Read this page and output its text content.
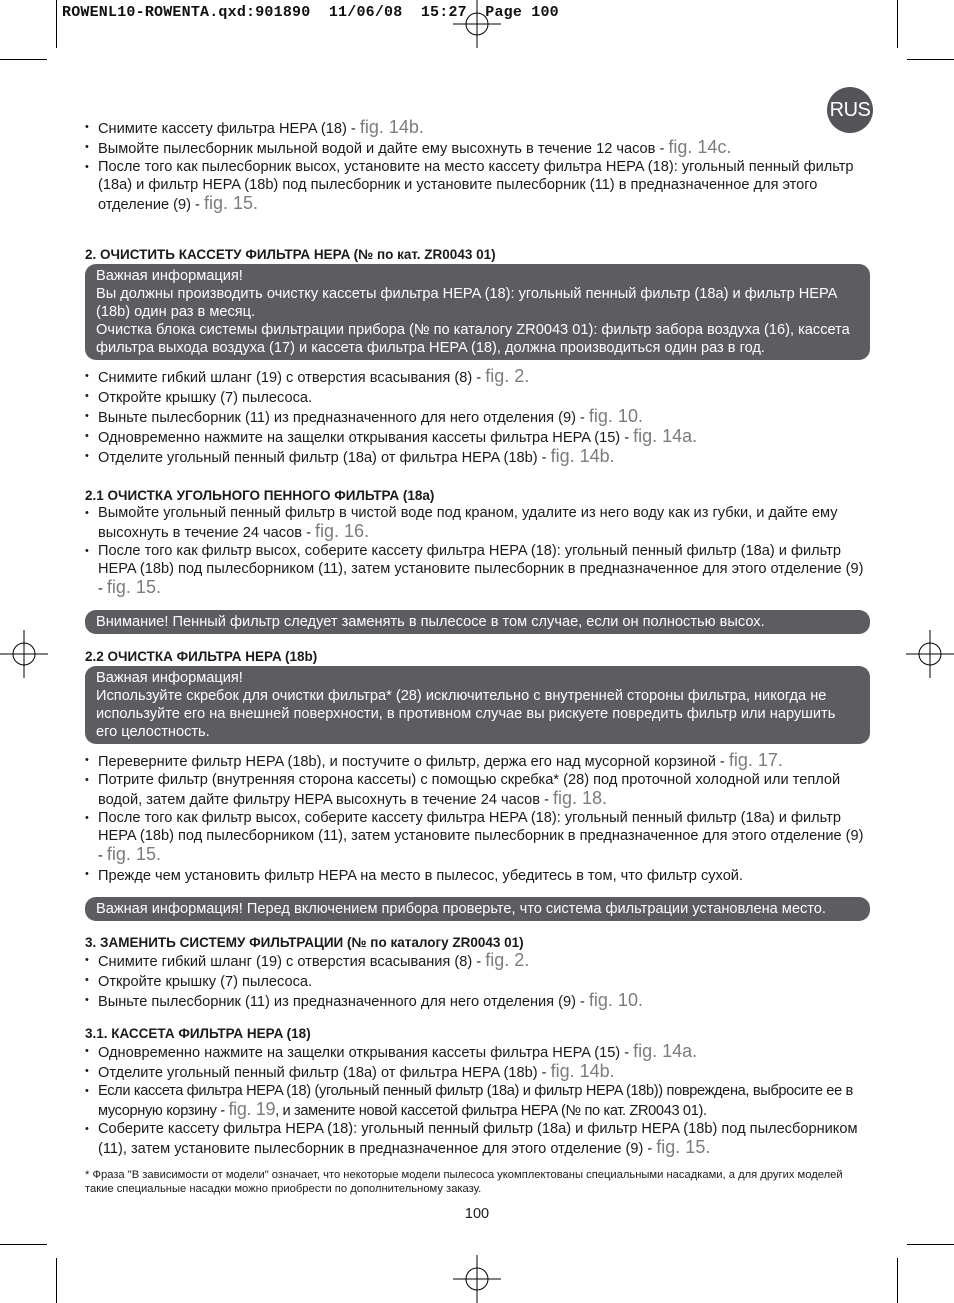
ROWENL10-ROWENTA.qxd:901890  11/06/08  15:27  Page 100
RUS
• Снимите кассету фильтра HEPA (18) - fig. 14b.
• Вымойте пылесборник мыльной водой и дайте ему высохнуть в течение 12 часов - fig. 14c.
• После того как пылесборник высох, установите на место кассету фильтра HEPA (18): угольный пенный фильтр (18a) и фильтр HEPA (18b) под пылесборник и установите пылесборник (11) в предназначенное для этого отделение (9) - fig. 15.
2. ОЧИСТИТЬ КАССЕТУ ФИЛЬТРА HEPA (№ по кат. ZR0043 01)
Важная информация!
Вы должны производить очистку кассеты фильтра HEPA (18): угольный пенный фильтр (18a) и фильтр HEPA (18b) один раз в месяц.
Очистка блока системы фильтрации прибора (№ по каталогу ZR0043 01): фильтр забора воздуха (16), кассета фильтра выхода воздуха (17) и кассета фильтра HEPA (18), должна производиться один раз в год.
• Снимите гибкий шланг (19) с отверстия всасывания (8) - fig. 2.
• Откройте крышку (7) пылесоса.
• Выньте пылесборник (11) из предназначенного для него отделения (9) - fig. 10.
• Одновременно нажмите на защелки открывания кассеты фильтра HEPA (15) - fig. 14a.
• Отделите угольный пенный фильтр (18a) от фильтра HEPA (18b) - fig. 14b.
2.1 ОЧИСТКА УГОЛЬНОГО ПЕННОГО ФИЛЬТРА (18a)
• Вымойте угольный пенный фильтр в чистой воде под краном, удалите из него воду как из губки, и дайте ему высохнуть в течение 24 часов - fig. 16.
• После того как фильтр высох, соберите кассету фильтра HEPA (18): угольный пенный фильтр (18a) и фильтр HEPA (18b) под пылесборником (11), затем установите пылесборник в предназначенное для этого отделение (9) - fig. 15.
Внимание! Пенный фильтр следует заменять в пылесосе в том случае, если он полностью высох.
2.2 ОЧИСТКА ФИЛЬТРА HEPA (18b)
Важная информация!
Используйте скребок для очистки фильтра* (28) исключительно с внутренней стороны фильтра, никогда не используйте его на внешней поверхности, в противном случае вы рискуете повредить фильтр или нарушить его целостность.
• Переверните фильтр HEPA (18b), и постучите о фильтр, держа его над мусорной корзиной - fig. 17.
• Потрите фильтр (внутренняя сторона кассеты) с помощью скребка* (28) под проточной холодной или теплой водой, затем дайте фильтру HEPA высохнуть в течение 24 часов - fig. 18.
• После того как фильтр высох, соберите кассету фильтра HEPA (18): угольный пенный фильтр (18a) и фильтр HEPA (18b) под пылесборником (11), затем установите пылесборник в предназначенное для этого отделение (9) - fig. 15.
• Прежде чем установить фильтр HEPA на место в пылесос, убедитесь в том, что фильтр сухой.
Важная информация! Перед включением прибора проверьте, что система фильтрации установлена место.
3. ЗАМЕНИТЬ СИСТЕМУ ФИЛЬТРАЦИИ (№ по каталогу ZR0043 01)
• Снимите гибкий шланг (19) с отверстия всасывания (8) - fig. 2.
• Откройте крышку (7) пылесоса.
• Выньте пылесборник (11) из предназначенного для него отделения (9) - fig. 10.
3.1. КАССЕТА ФИЛЬТРА HEPA (18)
• Одновременно нажмите на защелки открывания кассеты фильтра HEPA (15) - fig. 14a.
• Отделите угольный пенный фильтр (18a) от фильтра HEPA (18b) - fig. 14b.
• Если кассета фильтра HEPA (18) (угольный пенный фильтр (18a) и фильтр HEPA (18b)) повреждена, выбросите ее в мусорную корзину - fig. 19, и замените новой кассетой фильтра HEPA (№ по кат. ZR0043 01).
• Соберите кассету фильтра HEPA (18): угольный пенный фильтр (18a) и фильтр HEPA (18b) под пылесборником (11), затем установите пылесборник в предназначенное для этого отделение (9) - fig. 15.
* Фраза "В зависимости от модели" означает, что некоторые модели пылесоса укомплектованы специальными насадками, а для других моделей такие специальные насадки можно приобрести по дополнительному заказу.
100
